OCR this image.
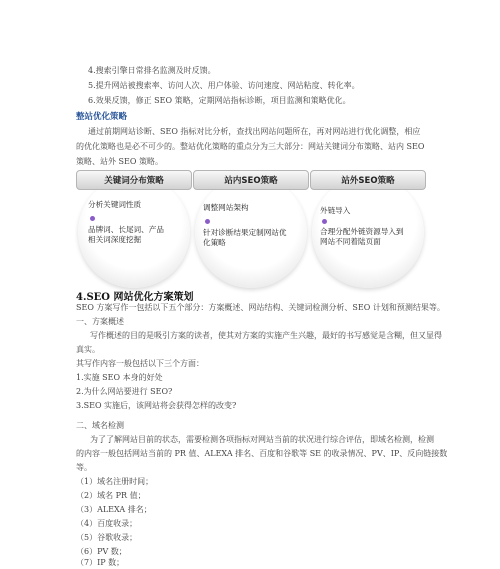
4.搜索引擎日常排名监测及时反馈。
5.提升网站被搜索率、访问人次、用户体验、访问速度、网站粘度、转化率。
6.效果反馈，修正 SEO 策略，定期网站指标诊断，项目监测和策略优化。
整站优化策略
通过前期网站诊断、SEO 指标对比分析，查找出网站问题所在，再对网站进行优化调整，相应
的优化策略也是必不可少的。整站优化策略的重点分为三大部分：网站关键词分布策略、站内 SEO
策略、站外 SEO 策略。
关键词分布策略
分析关键词性质
品牌词、长尾词、产品
相关词深度挖掘
站内SEO策略
调整网站架构
针对诊断结果定制网站优
化策略
站外SEO策略
外链导入
合理分配外链资源导入到
网站不同着陆页面
4.SEO 网站优化方案策划
SEO 方案写作一包括以下五个部分：方案概述、网站结构、关键词检测分析、SEO 计划和预测结果等。
一、方案概述
写作概述的目的是吸引方案的读者，使其对方案的实施产生兴趣，最好的书写感觉是含糊，但又显得
真实。
其写作内容一般包括以下三个方面：
1.实施 SEO 本身的好处
2.为什么网站要进行 SEO?
3.SEO 实施后，该网站将会获得怎样的改变?
二、域名检测
为了了解网站目前的状态，需要检测各项指标对网站当前的状况进行综合评估，即域名检测，检测
的内容一般包括网站当前的 PR 值、ALEXA 排名、百度和谷歌等 SE 的收录情况、PV、IP、反向链接数
等。
（1）域名注册时间；
（2）域名 PR 值；
（3）ALEXA 排名；
（4）百度收录；
（5）谷歌收录；
（6）PV 数；
（7）IP 数；
